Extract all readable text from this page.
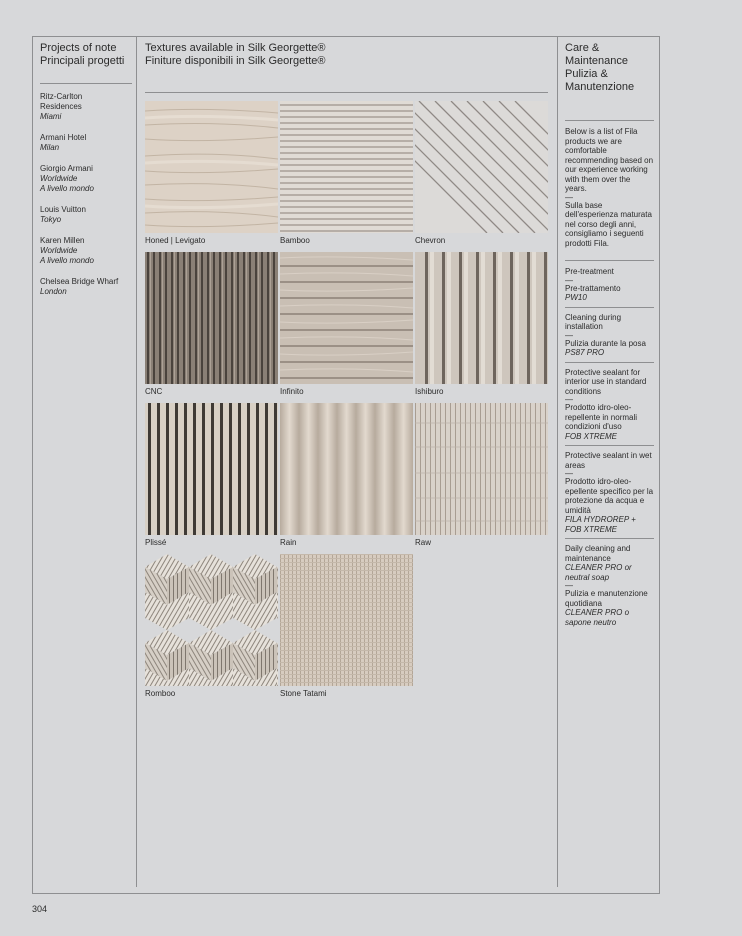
Projects of note
Principali progetti
Ritz-Carlton Residences
Miami
Armani Hotel
Milan
Giorgio Armani
Worldwide
A livello mondo
Louis Vuitton
Tokyo
Karen Millen
Worldwide
A livello mondo
Chelsea Bridge Wharf
London
Textures available in Silk Georgette®
Finiture disponibili in Silk Georgette®
Honed | Levigato	Bamboo	Chevron
CNC	Infinito	Ishiburo
Plissé	Rain	Raw
Romboo	Stone Tatami
Care &
Maintenance
Pulizia &
Manutenzione
Below is a list of Fila products we are comfortable recommending based on our experience working with them over the years.
—
Sulla base dell'esperienza maturata nel corso degli anni, consigliamo i seguenti prodotti Fila.
Pre-treatment
—
Pre-trattamento
PW10
Cleaning during installation
—
Pulizia durante la posa
PS87 PRO
Protective sealant for interior use in standard conditions
—
Prodotto idro-oleo-repellente in normali condizioni d'uso
FOB XTREME
Protective sealant in wet areas
—
Prodotto idro-oleo-epellente specifico per la protezione da acqua e umidità
FILA HYDROREP + FOB XTREME
Daily cleaning and maintenance
CLEANER PRO or neutral soap
—
Pulizia e manutenzione quotidiana
CLEANER PRO o sapone neutro
304
